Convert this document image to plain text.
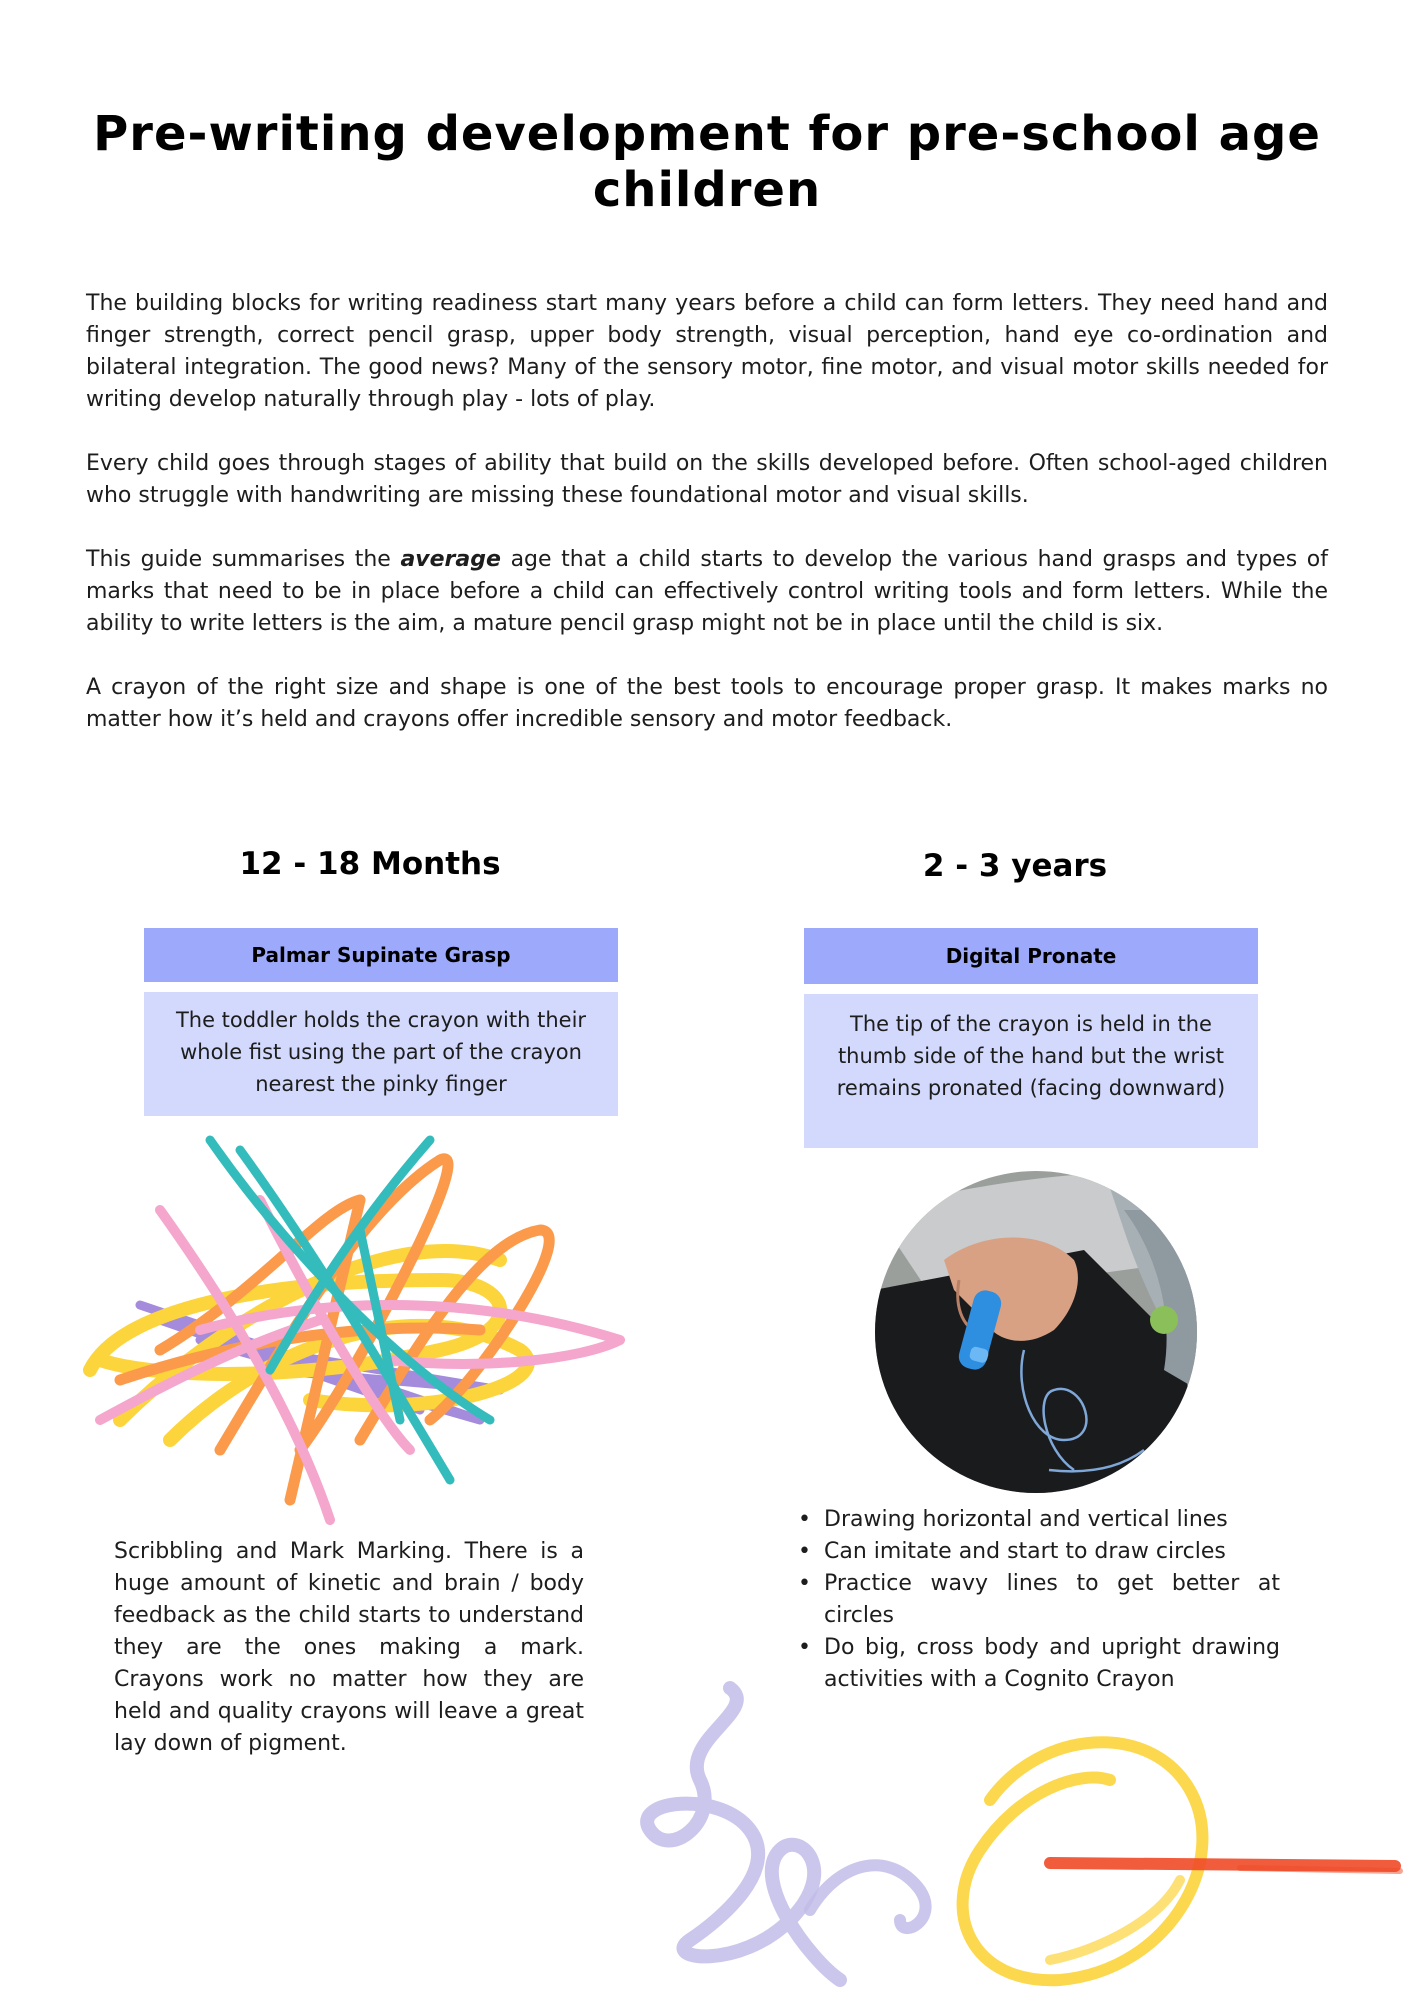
Pre-writing development for pre-school age children

The building blocks for writing readiness start many years before a child can form letters. They need hand and finger strength, correct pencil grasp, upper body strength, visual perception, hand eye co-ordination and bilateral integration. The good news? Many of the sensory motor, fine motor, and visual motor skills needed for writing develop naturally through play - lots of play.

Every child goes through stages of ability that build on the skills developed before. Often school-aged children who struggle with handwriting are missing these foundational motor and visual skills.

This guide summarises the average age that a child starts to develop the various hand grasps and types of marks that need to be in place before a child can effectively control writing tools and form letters. While the ability to write letters is the aim, a mature pencil grasp might not be in place until the child is six.

A crayon of the right size and shape is one of the best tools to encourage proper grasp. It makes marks no matter how it’s held and crayons offer incredible sensory and motor feedback.

12 - 18 Months
Palmar Supinate Grasp
The toddler holds the crayon with their whole fist using the part of the crayon nearest the pinky finger
Scribbling and Mark Marking. There is a huge amount of kinetic and brain / body feedback as the child starts to understand they are the ones making a mark. Crayons work no matter how they are held and quality crayons will leave a great lay down of pigment.
2 - 3 years
Digital Pronate
The tip of the crayon is held in the thumb side of the hand but the wrist remains pronated (facing downward)
• Drawing horizontal and vertical lines
• Can imitate and start to draw circles
• Practice wavy lines to get better at circles
• Do big, cross body and upright drawing activities with a Cognito Crayon
